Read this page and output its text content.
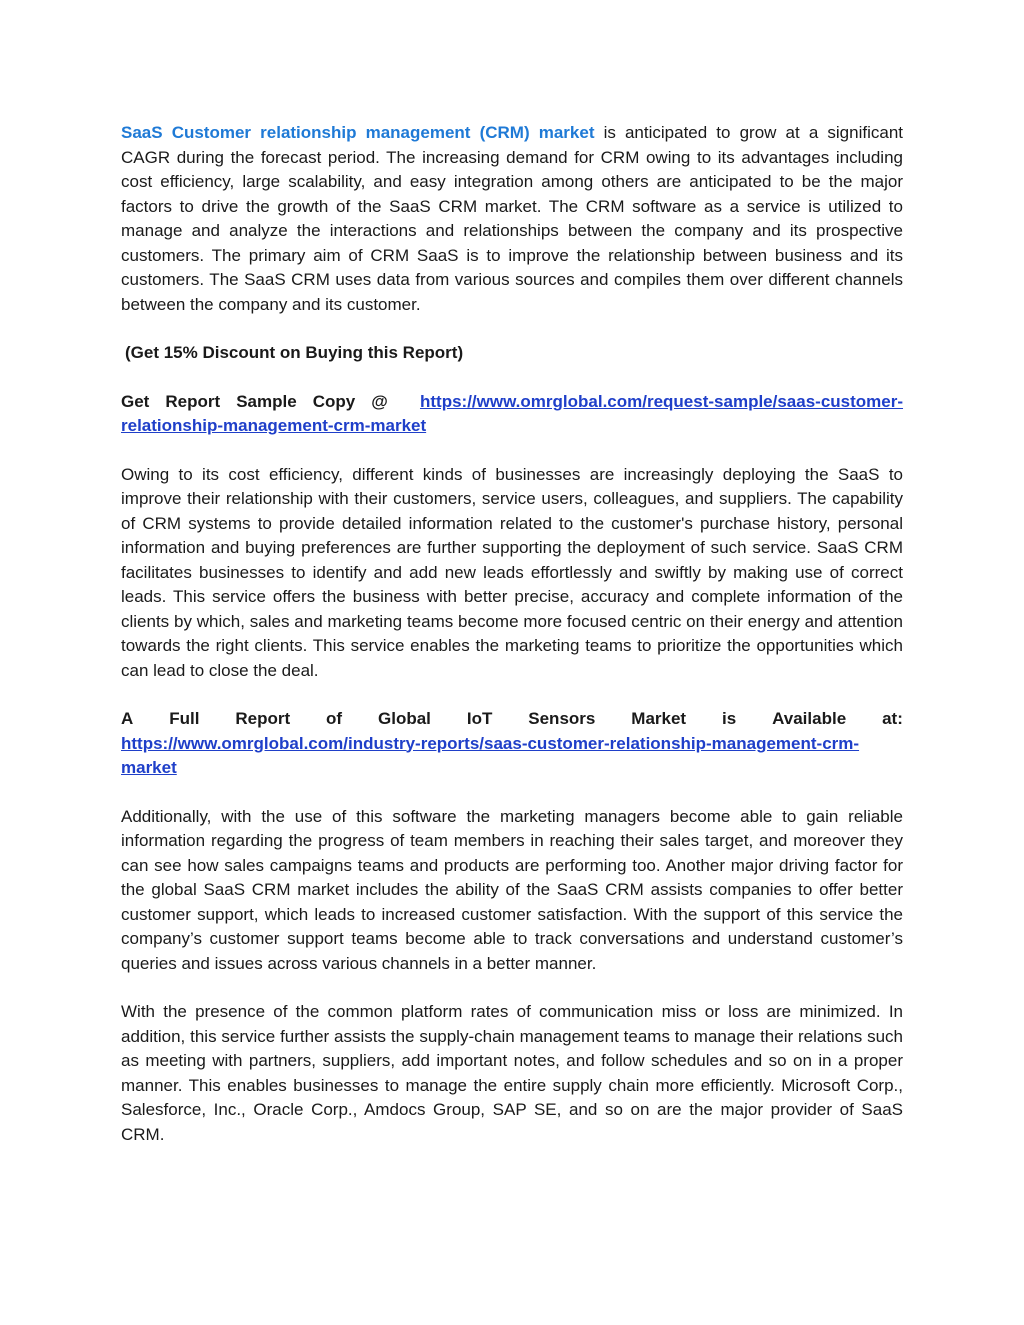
SaaS Customer relationship management (CRM) market is anticipated to grow at a significant CAGR during the forecast period. The increasing demand for CRM owing to its advantages including cost efficiency, large scalability, and easy integration among others are anticipated to be the major factors to drive the growth of the SaaS CRM market. The CRM software as a service is utilized to manage and analyze the interactions and relationships between the company and its prospective customers. The primary aim of CRM SaaS is to improve the relationship between business and its customers. The SaaS CRM uses data from various sources and compiles them over different channels between the company and its customer.

(Get 15% Discount on Buying this Report)

Get Report Sample Copy @  https://www.omrglobal.com/request-sample/saas-customer-relationship-management-crm-market

Owing to its cost efficiency, different kinds of businesses are increasingly deploying the SaaS to improve their relationship with their customers, service users, colleagues, and suppliers. The capability of CRM systems to provide detailed information related to the customer's purchase history, personal information and buying preferences are further supporting the deployment of such service. SaaS CRM facilitates businesses to identify and add new leads effortlessly and swiftly by making use of correct leads. This service offers the business with better precise, accuracy and complete information of the clients by which, sales and marketing teams become more focused centric on their energy and attention towards the right clients. This service enables the marketing teams to prioritize the opportunities which can lead to close the deal.

A Full Report of Global IoT Sensors Market is Available at:

https://www.omrglobal.com/industry-reports/saas-customer-relationship-management-crm-market

Additionally, with the use of this software the marketing managers become able to gain reliable information regarding the progress of team members in reaching their sales target, and moreover they can see how sales campaigns teams and products are performing too. Another major driving factor for the global SaaS CRM market includes the ability of the SaaS CRM assists companies to offer better customer support, which leads to increased customer satisfaction. With the support of this service the company’s customer support teams become able to track conversations and understand customer’s queries and issues across various channels in a better manner.

With the presence of the common platform rates of communication miss or loss are minimized. In addition, this service further assists the supply-chain management teams to manage their relations such as meeting with partners, suppliers, add important notes, and follow schedules and so on in a proper manner. This enables businesses to manage the entire supply chain more efficiently. Microsoft Corp., Salesforce, Inc., Oracle Corp., Amdocs Group, SAP SE, and so on are the major provider of SaaS CRM.
